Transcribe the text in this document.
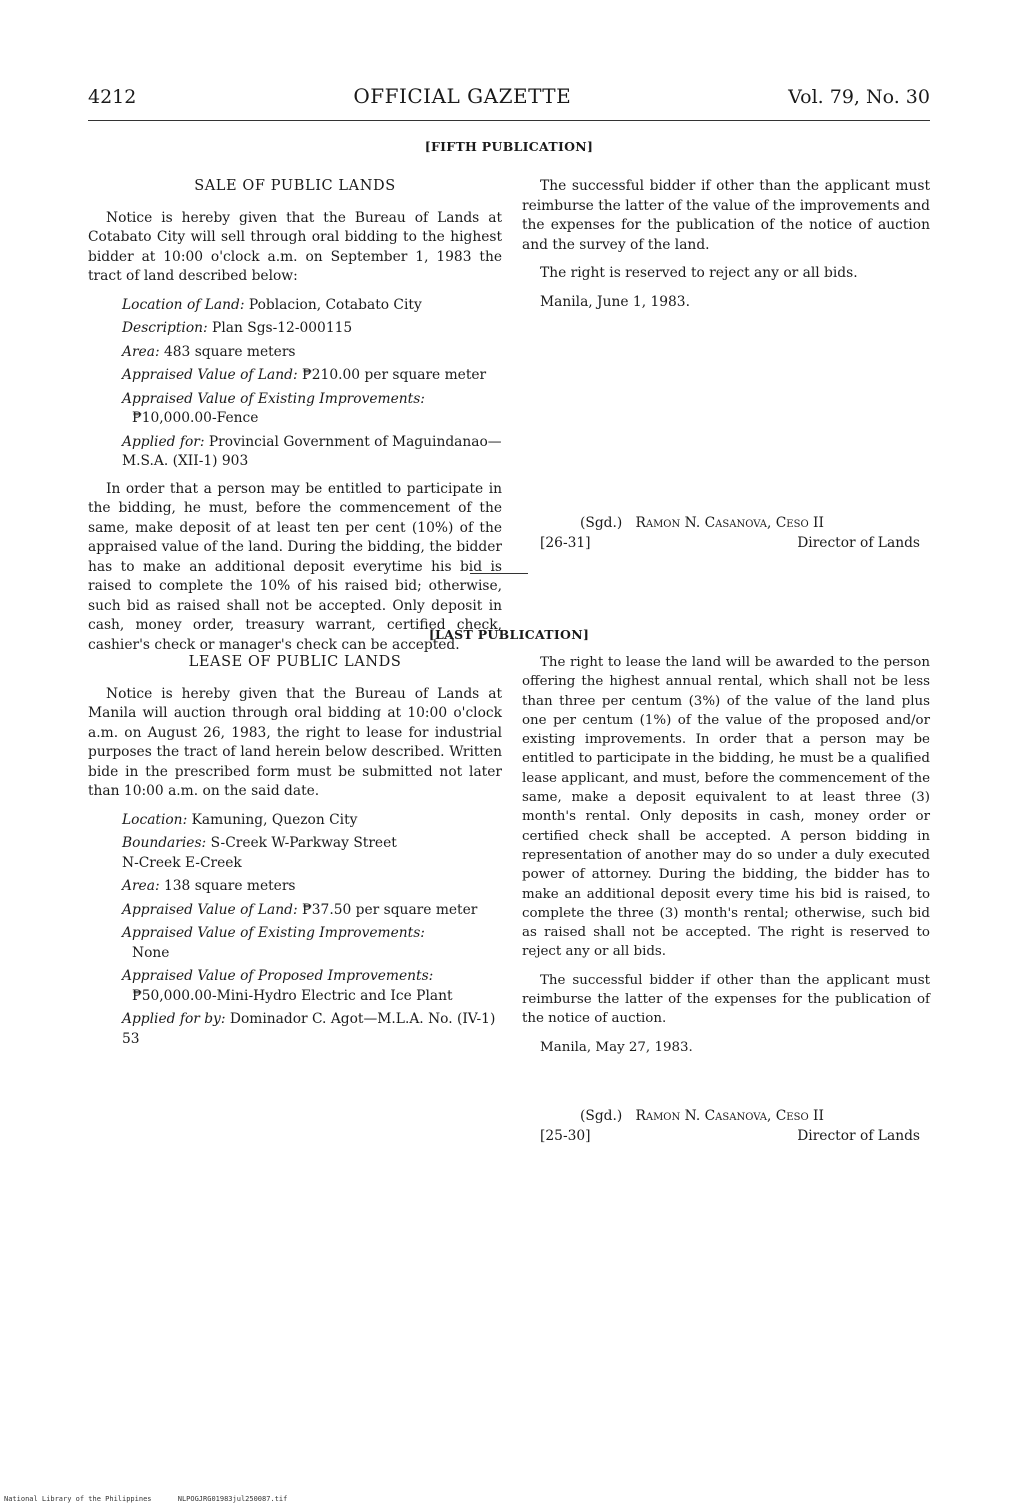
4212	OFFICIAL GAZETTE	Vol. 79, No. 30
[FIFTH PUBLICATION]

SALE OF PUBLIC LANDS

Notice is hereby given that the Bureau of Lands at Cotabato City will sell through oral bidding to the highest bidder at 10:00 o'clock a.m. on September 1, 1983 the tract of land described below:

Location of Land: Poblacion, Cotabato City
Description: Plan Sgs-12-000115
Area: 483 square meters
Appraised Value of Land: ₱210.00 per square meter
Appraised Value of Existing Improvements:
₱10,000.00-Fence
Applied for: Provincial Government of Maguindanao—M.S.A. (XII-1) 903

In order that a person may be entitled to participate in the bidding, he must, before the commencement of the same, make deposit of at least ten per cent (10%) of the appraised value of the land. During the bidding, the bidder has to make an additional deposit everytime his bid is raised to complete the 10% of his raised bid; otherwise, such bid as raised shall not be accepted. Only deposit in cash, money order, treasury warrant, certified check, cashier's check or manager's check can be accepted.

The successful bidder if other than the applicant must reimburse the latter of the value of the improvements and the expenses for the publication of the notice of auction and the survey of the land.

The right is reserved to reject any or all bids.

Manila, June 1, 1983.

(Sgd.) Ramon N. Casanova, Ceso II
[26-31]	Director of Lands
[LAST PUBLICATION]

LEASE OF PUBLIC LANDS

Notice is hereby given that the Bureau of Lands at Manila will auction through oral bidding at 10:00 o'clock a.m. on August 26, 1983, the right to lease for industrial purposes the tract of land herein below described. Written bide in the prescribed form must be submitted not later than 10:00 a.m. on the said date.

Location: Kamuning, Quezon City
Boundaries: S-Creek W-Parkway Street
N-Creek E-Creek
Area: 138 square meters
Appraised Value of Land: ₱37.50 per square meter
Appraised Value of Existing Improvements:
None
Appraised Value of Proposed Improvements:
₱50,000.00-Mini-Hydro Electric and Ice Plant
Applied for by: Dominador C. Agot—M.L.A. No. (IV-1) 53

The right to lease the land will be awarded to the person offering the highest annual rental, which shall not be less than three per centum (3%) of the value of the land plus one per centum (1%) of the value of the proposed and/or existing improvements. In order that a person may be entitled to participate in the bidding, he must be a qualified lease applicant, and must, before the commencement of the same, make a deposit equivalent to at least three (3) month's rental. Only deposits in cash, money order or certified check shall be accepted. A person bidding in representation of another may do so under a duly executed power of attorney. During the bidding, the bidder has to make an additional deposit every time his bid is raised, to complete the three (3) month's rental; otherwise, such bid as raised shall not be accepted. The right is reserved to reject any or all bids.

The successful bidder if other than the applicant must reimburse the latter of the expenses for the publication of the notice of auction.

Manila, May 27, 1983.

(Sgd.) Ramon N. Casanova, Ceso II
[25-30]	Director of Lands
National Library of the Philippines	NLPOGJRG01983jul250087.tif
